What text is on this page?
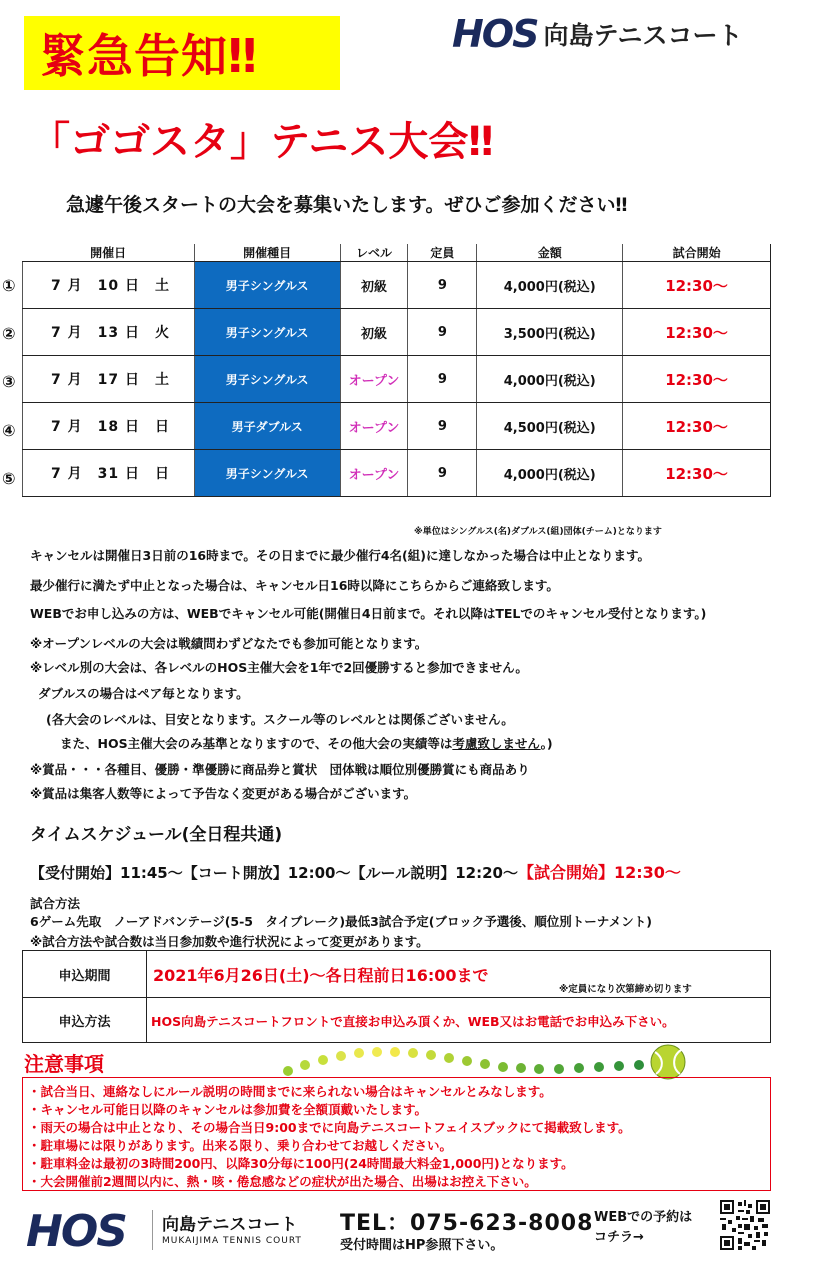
緊急告知‼	HOS 向島テニスコート
「ゴゴスタ」テニス大会‼
急遽午後スタートの大会を募集いたします。ぜひご参加ください‼
①
②
③
④
⑤
開催日	開催種目	レベル	定員	金額	試合開始
7 月　10 日　土	男子シングルス	初級	9	4,000円(税込)	12:30～
7 月　13 日　火	男子シングルス	初級	9	3,500円(税込)	12:30～
7 月　17 日　土	男子シングルス	オープン	9	4,000円(税込)	12:30～
7 月　18 日　日	男子ダブルス	オープン	9	4,500円(税込)	12:30～
7 月　31 日　日	男子シングルス	オープン	9	4,000円(税込)	12:30～
※単位はシングルス(名)ダブルス(組)団体(チーム)となります
キャンセルは開催日3日前の16時まで。その日までに最少催行4名(組)に達しなかった場合は中止となります。
最少催行に満たず中止となった場合は、キャンセル日16時以降にこちらからご連絡致します。
WEBでお申し込みの方は、WEBでキャンセル可能(開催日4日前まで。それ以降はTELでのキャンセル受付となります。)
※オープンレベルの大会は戦績問わずどなたでも参加可能となります。
※レベル別の大会は、各レベルのHOS主催大会を1年で2回優勝すると参加できません。
ダブルスの場合はペア毎となります。
(各大会のレベルは、目安となります。スクール等のレベルとは関係ございません。
また、HOS主催大会のみ基準となりますので、その他大会の実績等は考慮致しません。)
※賞品・・・各種目、優勝・準優勝に商品券と賞状　団体戦は順位別優勝賞にも商品あり
※賞品は集客人数等によって予告なく変更がある場合がございます。
タイムスケジュール(全日程共通)
【受付開始】11:45～【コート開放】12:00～【ルール説明】12:20～【試合開始】12:30～
試合方法
6ゲーム先取　ノーアドバンテージ(5-5　タイブレーク)最低3試合予定(ブロック予選後、順位別トーナメント)
※試合方法や試合数は当日参加数や進行状況によって変更があります。
申込期間	2021年6月26日(土)～各日程前日16:00まで
※定員になり次第締め切ります
申込方法	HOS向島テニスコートフロントで直接お申込み頂くか、WEB又はお電話でお申込み下さい。
注意事項
・試合当日、連絡なしにルール説明の時間までに来られない場合はキャンセルとみなします。
・キャンセル可能日以降のキャンセルは参加費を全額頂戴いたします。
・雨天の場合は中止となり、その場合当日9:00までに向島テニスコートフェイスブックにて掲載致します。
・駐車場には限りがあります。出来る限り、乗り合わせてお越しください。
・駐車料金は最初の3時間200円、以降30分毎に100円(24時間最大料金1,000円)となります。
・大会開催前2週間以内に、熱・咳・倦怠感などの症状が出た場合、出場はお控え下さい。
HOS 向島テニスコート
MUKAIJIMA TENNIS COURT
TEL：075-623-8008
受付時間はHP参照下さい。
WEBでの予約は
コチラ→
